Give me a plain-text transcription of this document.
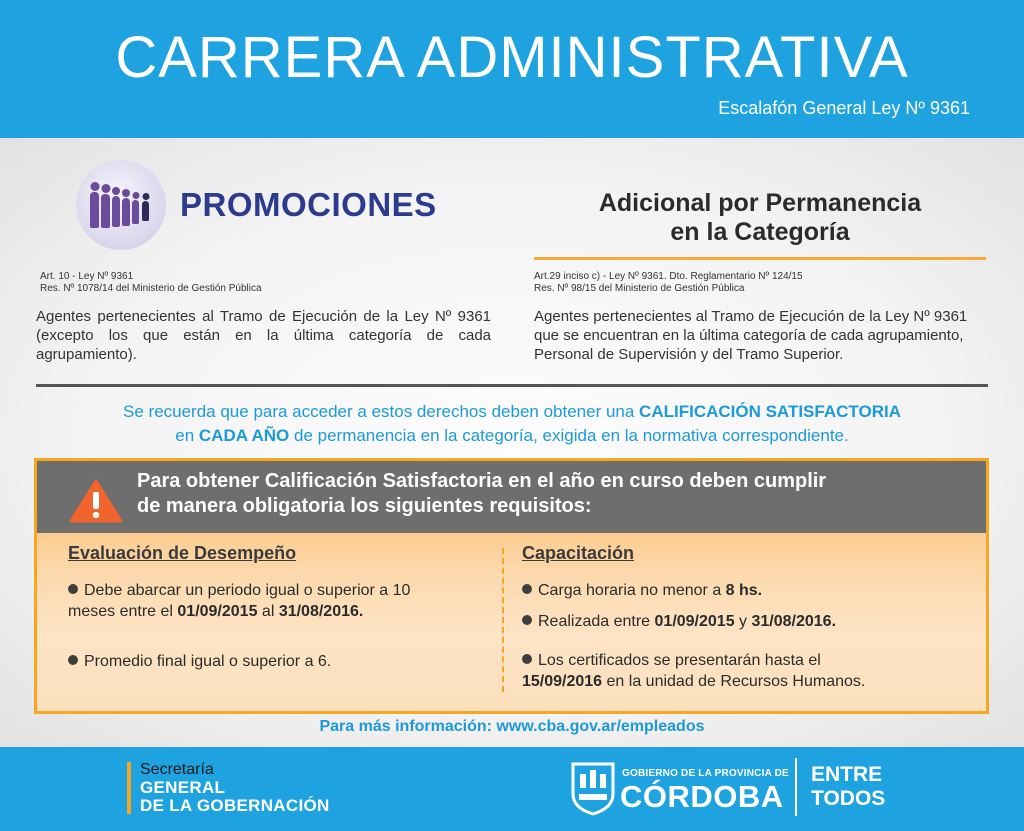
CARRERA ADMINISTRATIVA
Escalafón General Ley Nº 9361
PROMOCIONES
Art. 10 - Ley Nº 9361
Res. Nº 1078/14 del Ministerio de Gestión Pública
Agentes pertenecientes al Tramo de Ejecución de la Ley Nº 9361 (excepto los que están en la última categoría de cada agrupamiento).
Adicional por Permanencia
en la Categoría
Art.29 inciso c) - Ley Nº 9361. Dto. Reglamentario Nº 124/15
Res. Nº 98/15 del Ministerio de Gestión Pública
Agentes pertenecientes al Tramo de Ejecución de la Ley Nº 9361
que se encuentran en la última categoría de cada agrupamiento,
Personal de Supervisión y del Tramo Superior.
Se recuerda que para acceder a estos derechos deben obtener una CALIFICACIÓN SATISFACTORIA
en CADA AÑO de permanencia en la categoría, exigida en la normativa correspondiente.
Para obtener Calificación Satisfactoria en el año en curso deben cumplir
de manera obligatoria los siguientes requisitos:
Evaluación de Desempeño
Debe abarcar un periodo igual o superior a 10
meses entre el 01/09/2015 al 31/08/2016.
Promedio final igual o superior a 6.
Capacitación
Carga horaria no menor a 8 hs.
Realizada entre 01/09/2015 y 31/08/2016.
Los certificados se presentarán hasta el
15/09/2016 en la unidad de Recursos Humanos.
Para más información: www.cba.gov.ar/empleados
Secretaría
GENERAL
DE LA GOBERNACIÓN
GOBIERNO DE LA PROVINCIA DE
CÓRDOBA
ENTRE
TODOS
